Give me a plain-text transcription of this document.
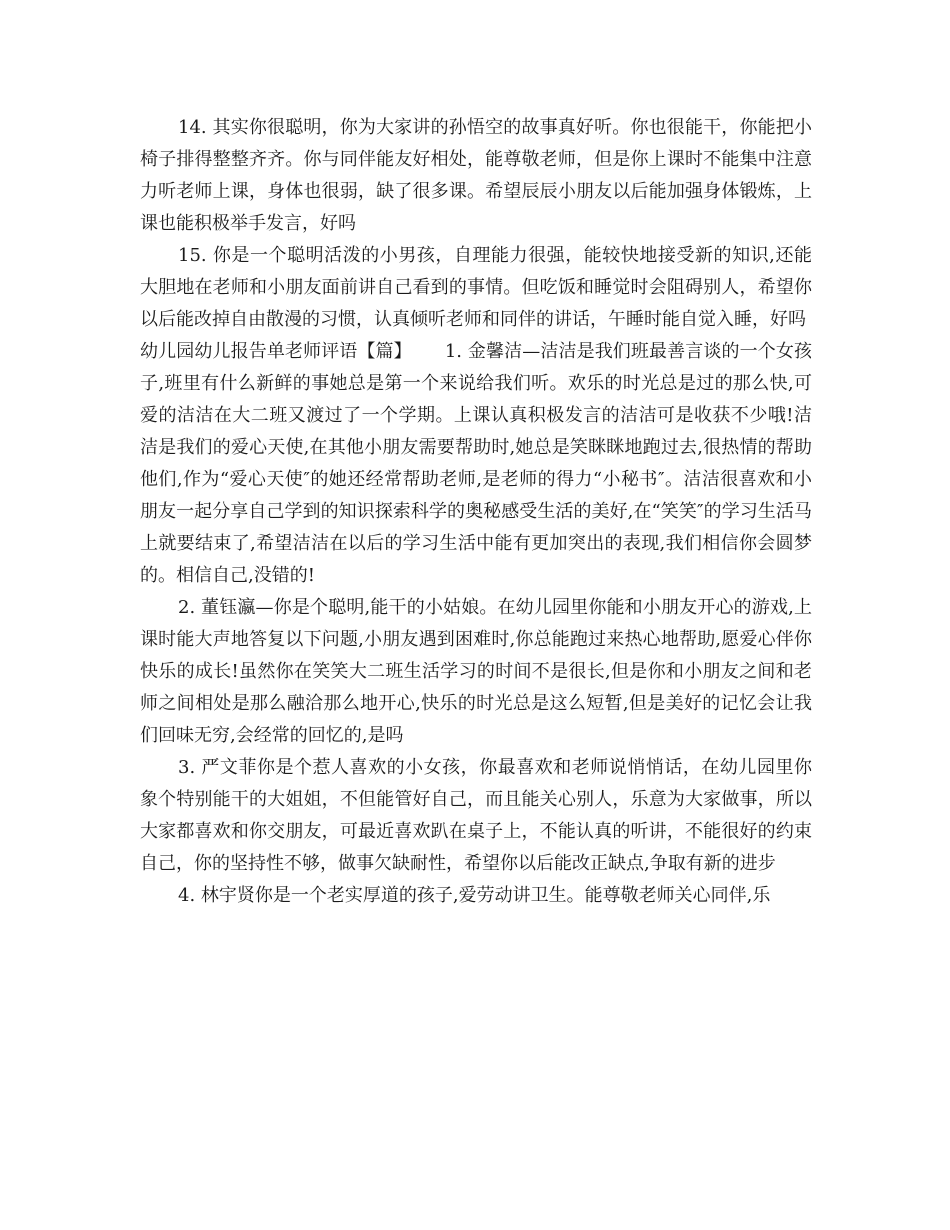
14. 其实你很聪明，你为大家讲的孙悟空的故事真好听。你也很能干，你能把小椅子排得整整齐齐。你与同伴能友好相处，能尊敬老师，但是你上课时不能集中注意力听老师上课，身体也很弱，缺了很多课。希望辰辰小朋友以后能加强身体锻炼，上课也能积极举手发言，好吗

15. 你是一个聪明活泼的小男孩，自理能力很强，能较快地接受新的知识,还能大胆地在老师和小朋友面前讲自己看到的事情。但吃饭和睡觉时会阻碍别人，希望你以后能改掉自由散漫的习惯，认真倾听老师和同伴的讲话，午睡时能自觉入睡，好吗

幼儿园幼儿报告单老师评语【篇】　　 1. 金馨洁—洁洁是我们班最善言谈的一个女孩子,班里有什么新鲜的事她总是第一个来说给我们听。欢乐的时光总是过的那么快,可爱的洁洁在大二班又渡过了一个学期。上课认真积极发言的洁洁可是收获不少哦!洁洁是我们的爱心天使,在其他小朋友需要帮助时,她总是笑眯眯地跑过去,很热情的帮助他们,作为“爱心天使″的她还经常帮助老师,是老师的得力“小秘书″。洁洁很喜欢和小朋友一起分享自己学到的知识探索科学的奥秘感受生活的美好,在“笑笑″的学习生活马上就要结束了,希望洁洁在以后的学习生活中能有更加突出的表现,我们相信你会圆梦的。相信自己,没错的!

2. 董钰瀛—你是个聪明,能干的小姑娘。在幼儿园里你能和小朋友开心的游戏,上课时能大声地答复以下问题,小朋友遇到困难时,你总能跑过来热心地帮助,愿爱心伴你快乐的成长!虽然你在笑笑大二班生活学习的时间不是很长,但是你和小朋友之间和老师之间相处是那么融洽那么地开心,快乐的时光总是这么短暂,但是美好的记忆会让我们回味无穷,会经常的回忆的,是吗

3. 严文菲你是个惹人喜欢的小女孩，你最喜欢和老师说悄悄话，在幼儿园里你象个特别能干的大姐姐，不但能管好自己，而且能关心别人，乐意为大家做事，所以大家都喜欢和你交朋友，可最近喜欢趴在桌子上，不能认真的听讲，不能很好的约束自己，你的坚持性不够，做事欠缺耐性，希望你以后能改正缺点,争取有新的进步

4. 林宇贤你是一个老实厚道的孩子,爱劳动讲卫生。能尊敬老师关心同伴,乐
